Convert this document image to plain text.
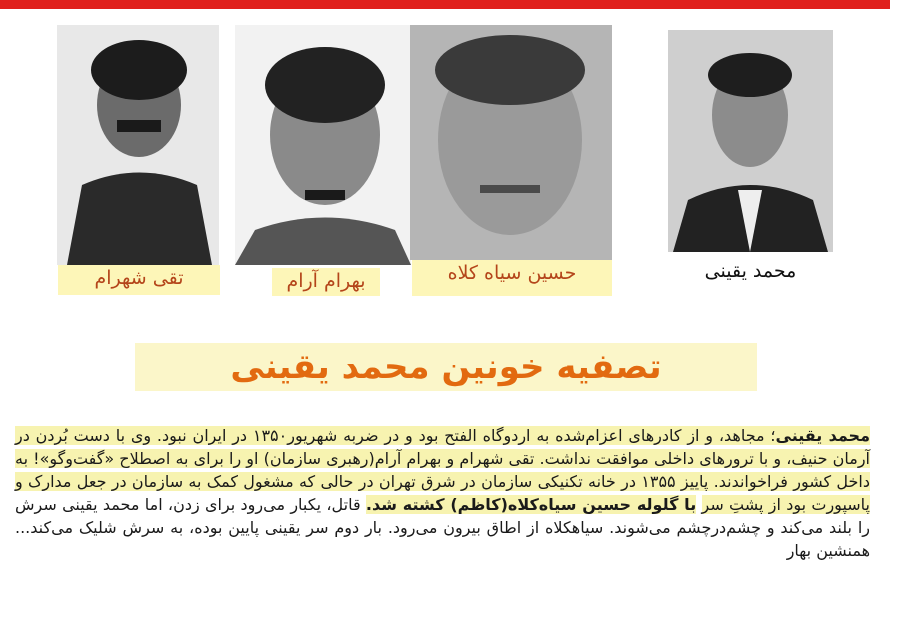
تقی شهرام	بهرام آرام	حسین سیاه کلاه	محمد یقینی
تصفیه خونین محمد یقینی
محمد یقینی؛ مجاهد، و از کادرهای اعزام‌شده به اردوگاه الفتح بود و در ضربه شهریور۱۳۵۰ در ایران نبود. وی با دست بُردن در آرمان حنیف، و با ترورهای داخلی موافقت نداشت. تقی شهرام و بهرام آرام(رهبری سازمان) او را برای به اصطلاح «گفت‌وگو»! به داخل کشور فراخواندند. پاییز ۱۳۵۵ در خانه تکنیکی سازمان در شرق تهران در حالی که مشغول کمک به سازمان در جعل مدارک و پاسپورت بود از پشتِ سر با گلوله حسین سیاه‌کلاه(کاظم) کشته شد. قاتل، یکبار می‌رود برای زدن، اما محمد یقینی سرش را بلند می‌کند و چشم‌درچشم می‌شوند. سیاهکلاه از اطاق بیرون می‌رود. بار دوم سر یقینی پایین بوده، به سرش شلیک می‌کند... همنشین بهار
